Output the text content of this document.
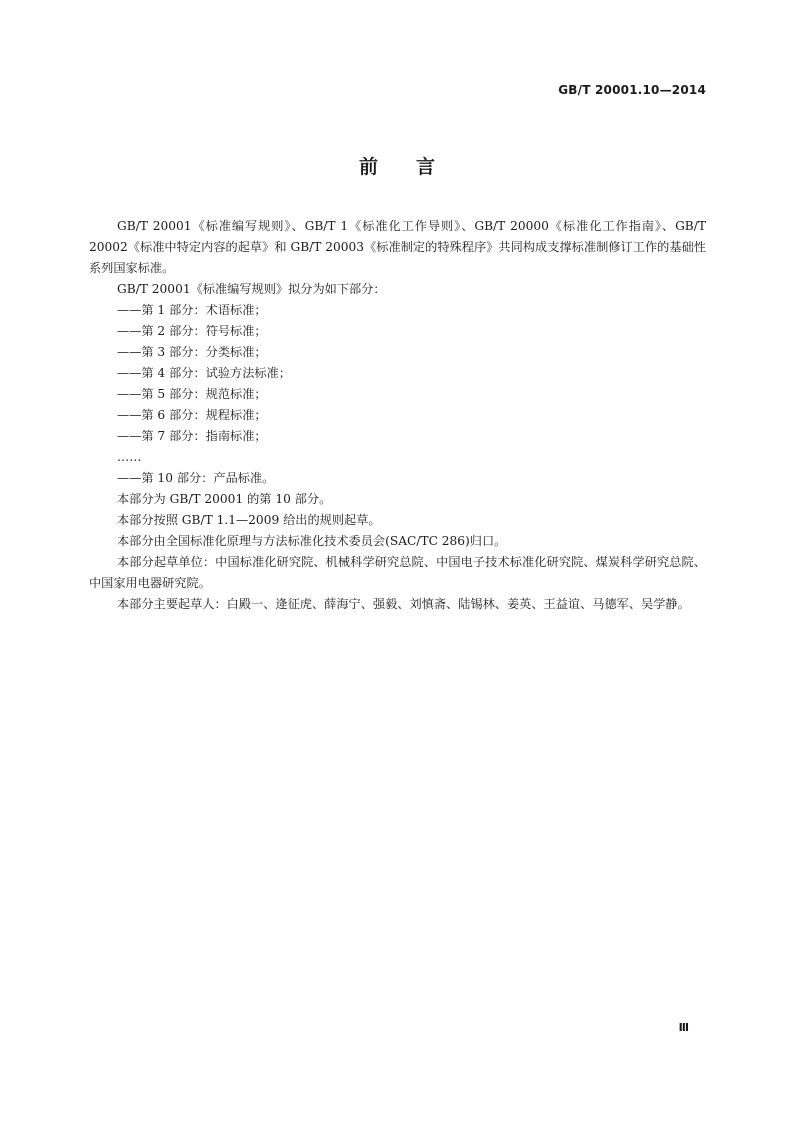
GB/T 20001.10—2014
前言

GB/T 20001《标准编写规则》、GB/T 1《标准化工作导则》、GB/T 20000《标准化工作指南》、GB/T 20002《标准中特定内容的起草》和 GB/T 20003《标准制定的特殊程序》共同构成支撑标准制修订工作的基础性系列国家标准。

GB/T 20001《标准编写规则》拟分为如下部分：

——第 1 部分：术语标准；

——第 2 部分：符号标准；

——第 3 部分：分类标准；

——第 4 部分：试验方法标准；

——第 5 部分：规范标准；

——第 6 部分：规程标准；

——第 7 部分：指南标准；

……

——第 10 部分：产品标准。

本部分为 GB/T 20001 的第 10 部分。

本部分按照 GB/T 1.1—2009 给出的规则起草。

本部分由全国标准化原理与方法标准化技术委员会(SAC/TC 286)归口。

本部分起草单位：中国标准化研究院、机械科学研究总院、中国电子技术标准化研究院、煤炭科学研究总院、中国家用电器研究院。

本部分主要起草人：白殿一、逄征虎、薛海宁、强毅、刘慎斋、陆锡林、姜英、王益谊、马德军、吴学静。

Ⅲ
